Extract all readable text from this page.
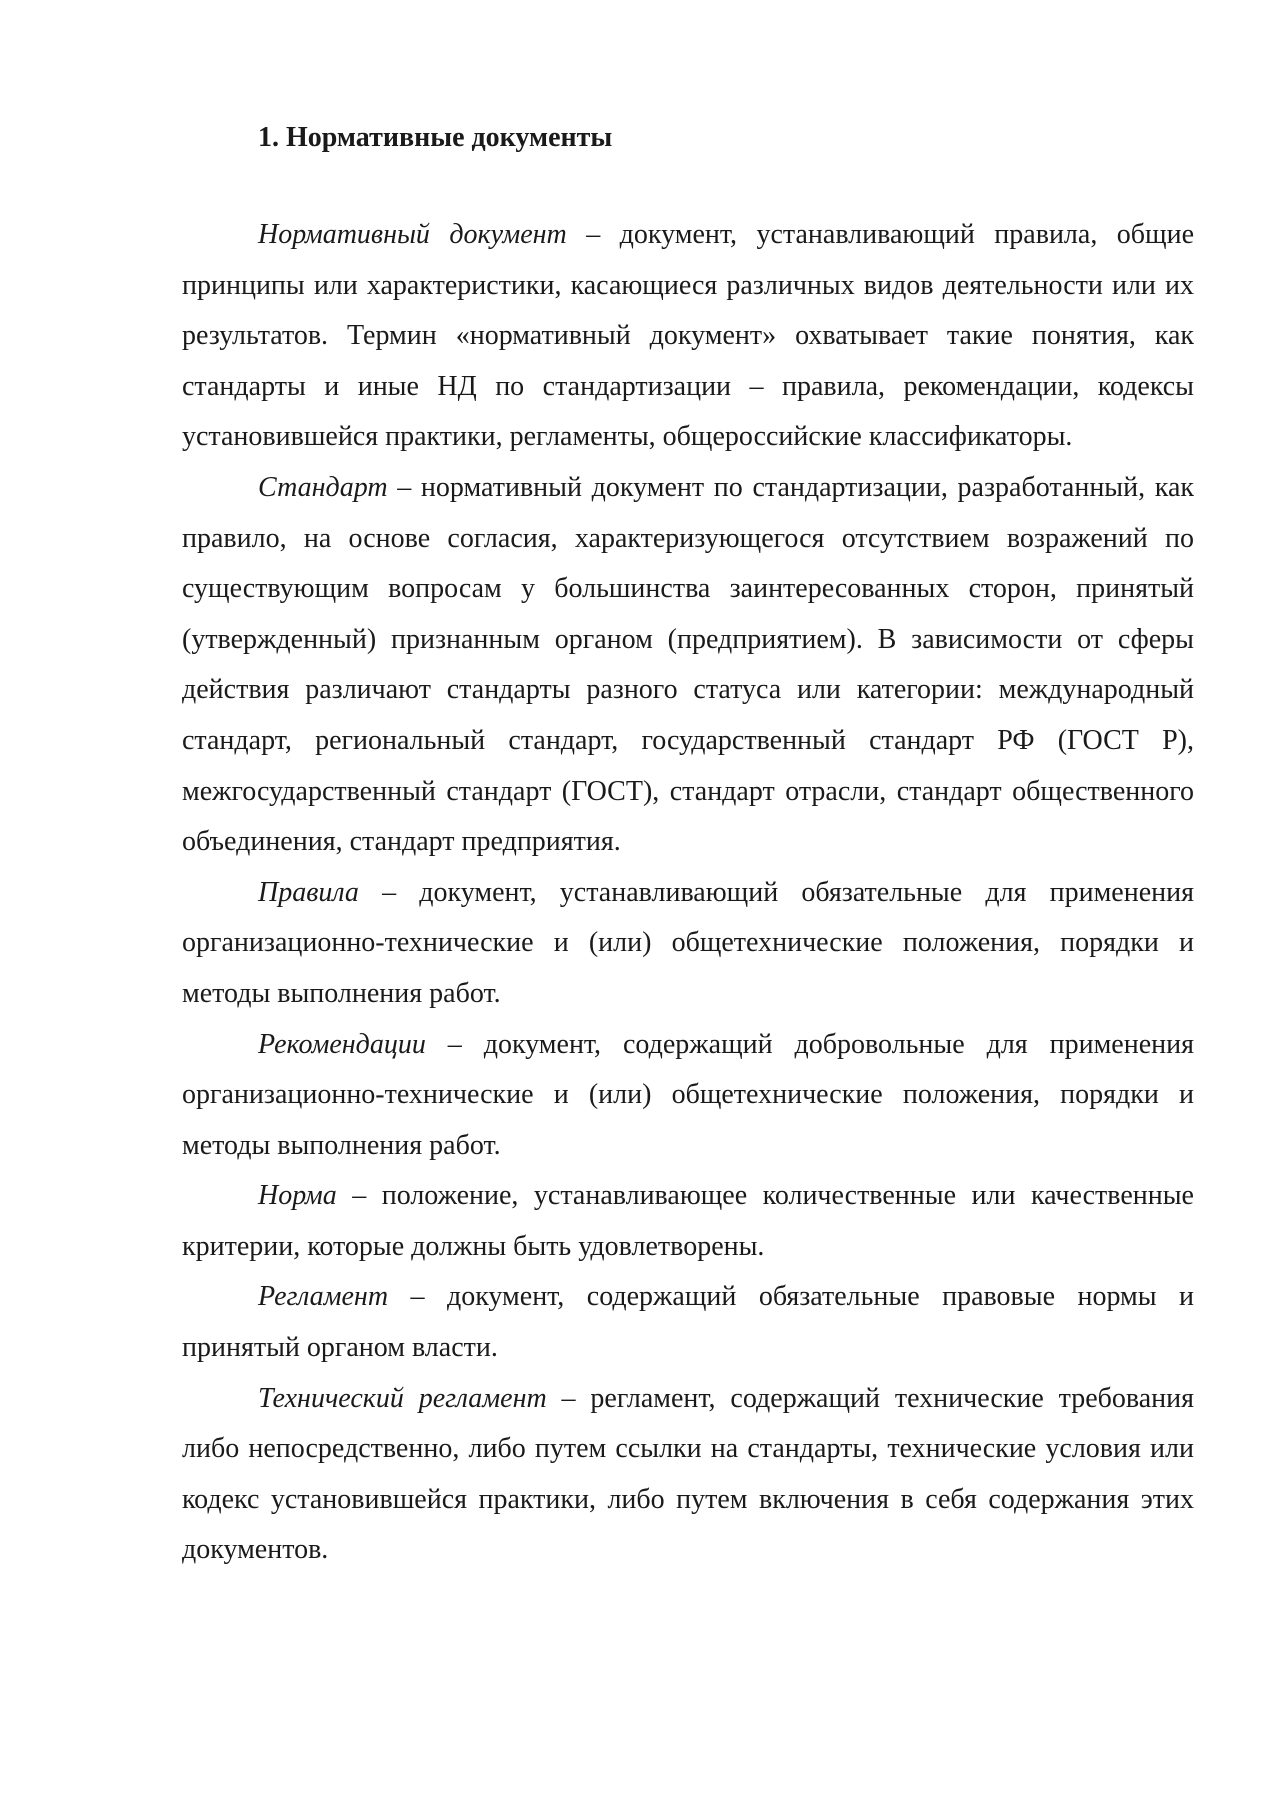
1. Нормативные документы

Нормативный документ – документ, устанавливающий правила, общие принципы или характеристики, касающиеся различных видов деятельности или их результатов. Термин «нормативный документ» охватывает такие понятия, как стандарты и иные НД по стандартизации – правила, рекомендации, кодексы установившейся практики, регламенты, общероссийские классификаторы.

Стандарт – нормативный документ по стандартизации, разработанный, как правило, на основе согласия, характеризующегося отсутствием возражений по существующим вопросам у большинства заинтересованных сторон, принятый (утвержденный) признанным органом (предприятием). В зависимости от сферы действия различают стандарты разного статуса или категории: международный стандарт, региональный стандарт, государственный стандарт РФ (ГОСТ Р), межгосударственный стандарт (ГОСТ), стандарт отрасли, стандарт общественного объединения, стандарт предприятия.

Правила – документ, устанавливающий обязательные для применения организационно-технические и (или) общетехнические положения, порядки и методы выполнения работ.

Рекомендации – документ, содержащий добровольные для применения организационно-технические и (или) общетехнические положения, порядки и методы выполнения работ.

Норма – положение, устанавливающее количественные или качественные критерии, которые должны быть удовлетворены.

Регламент – документ, содержащий обязательные правовые нормы и принятый органом власти.

Технический регламент – регламент, содержащий технические требования либо непосредственно, либо путем ссылки на стандарты, технические условия или кодекс установившейся практики, либо путем включения в себя содержания этих документов.
